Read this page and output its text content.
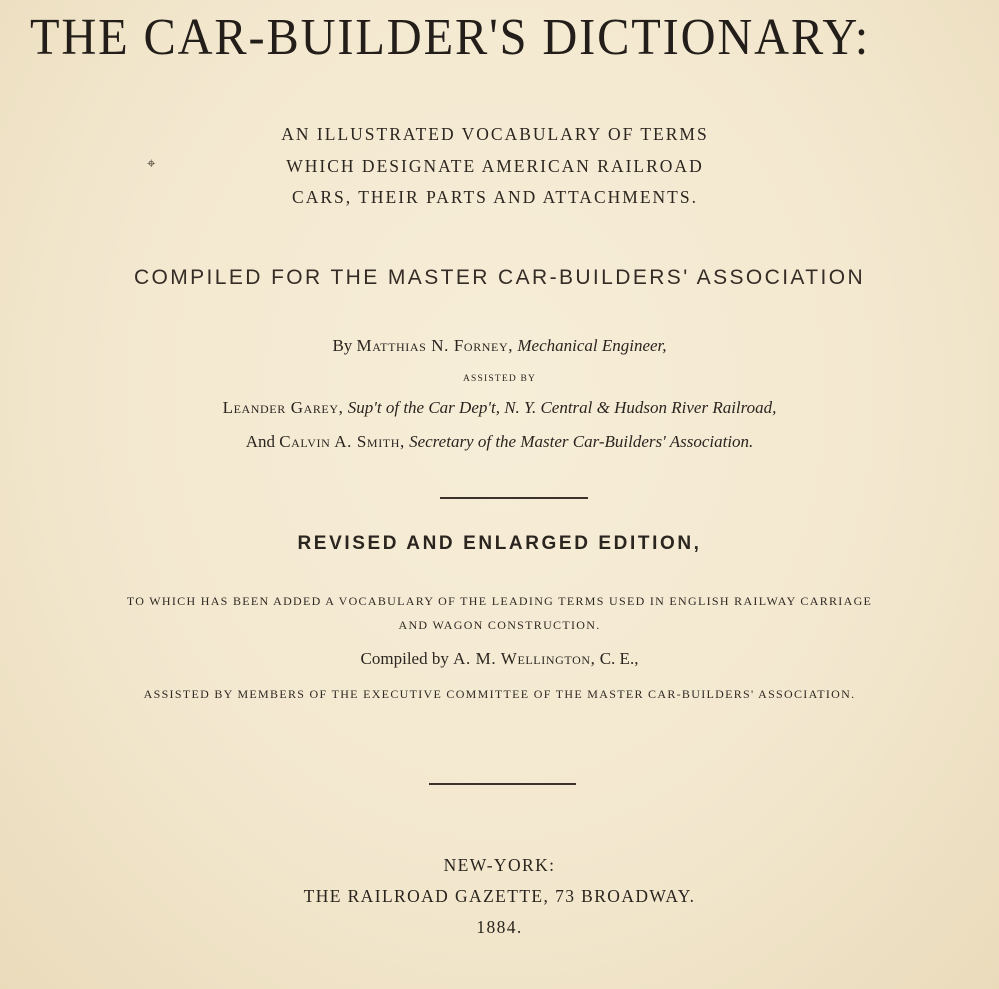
THE CAR-BUILDER'S DICTIONARY:
⌖
AN ILLUSTRATED VOCABULARY OF TERMS
WHICH DESIGNATE AMERICAN RAILROAD
CARS, THEIR PARTS AND ATTACHMENTS.
COMPILED FOR THE MASTER CAR-BUILDERS' ASSOCIATION
By Matthias N. Forney, Mechanical Engineer,
ASSISTED BY
Leander Garey, Sup't of the Car Dep't, N. Y. Central & Hudson River Railroad,
And Calvin A. Smith, Secretary of the Master Car-Builders' Association.
REVISED AND ENLARGED EDITION,
TO WHICH HAS BEEN ADDED A VOCABULARY OF THE LEADING TERMS USED IN ENGLISH RAILWAY CARRIAGE
AND WAGON CONSTRUCTION.
Compiled by A. M. Wellington, C. E.,
ASSISTED BY MEMBERS OF THE EXECUTIVE COMMITTEE OF THE MASTER CAR-BUILDERS' ASSOCIATION.
NEW-YORK:
THE RAILROAD GAZETTE, 73 BROADWAY.
1884.
